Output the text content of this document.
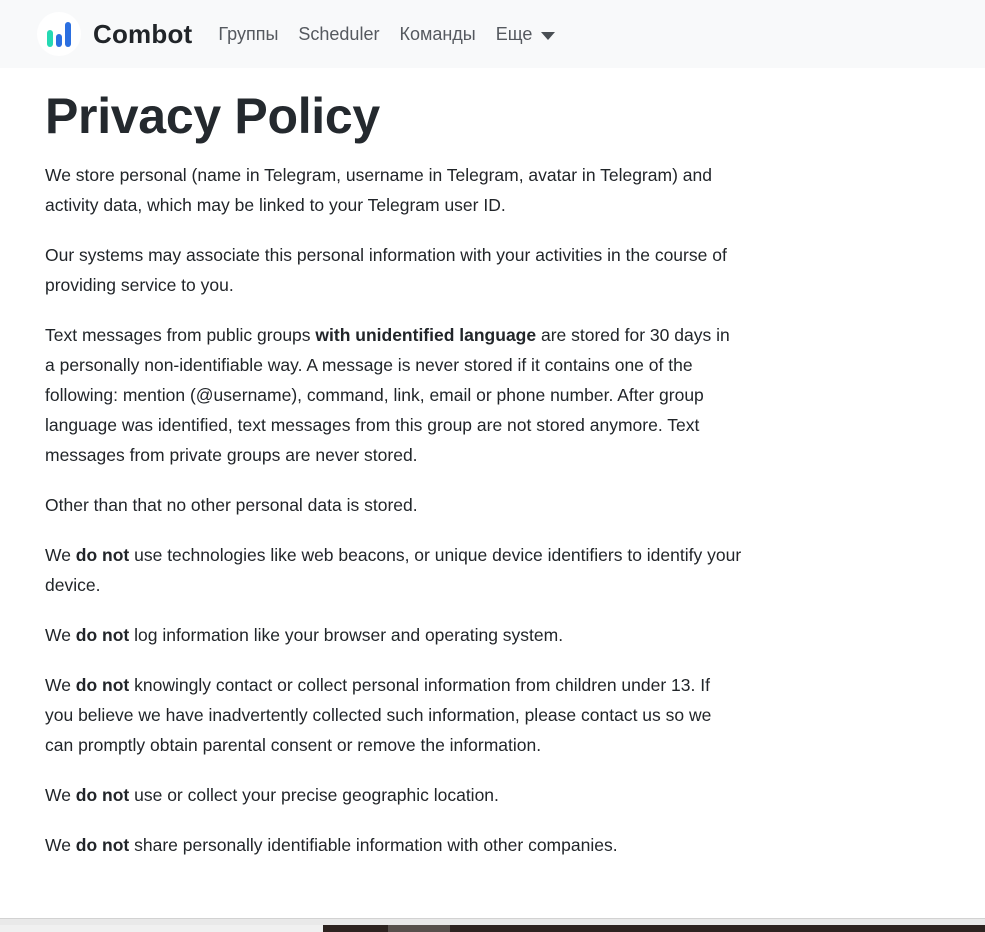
Combot Группы Scheduler Команды Еще
Privacy Policy

We store personal (name in Telegram, username in Telegram, avatar in Telegram) and activity data, which may be linked to your Telegram user ID.

Our systems may associate this personal information with your activities in the course of providing service to you.

Text messages from public groups with unidentified language are stored for 30 days in a personally non-identifiable way. A message is never stored if it contains one of the following: mention (@username), command, link, email or phone number. After group language was identified, text messages from this group are not stored anymore. Text messages from private groups are never stored.

Other than that no other personal data is stored.

We do not use technologies like web beacons, or unique device identifiers to identify your device.

We do not log information like your browser and operating system.

We do not knowingly contact or collect personal information from children under 13. If you believe we have inadvertently collected such information, please contact us so we can promptly obtain parental consent or remove the information.

We do not use or collect your precise geographic location.

We do not share personally identifiable information with other companies.
